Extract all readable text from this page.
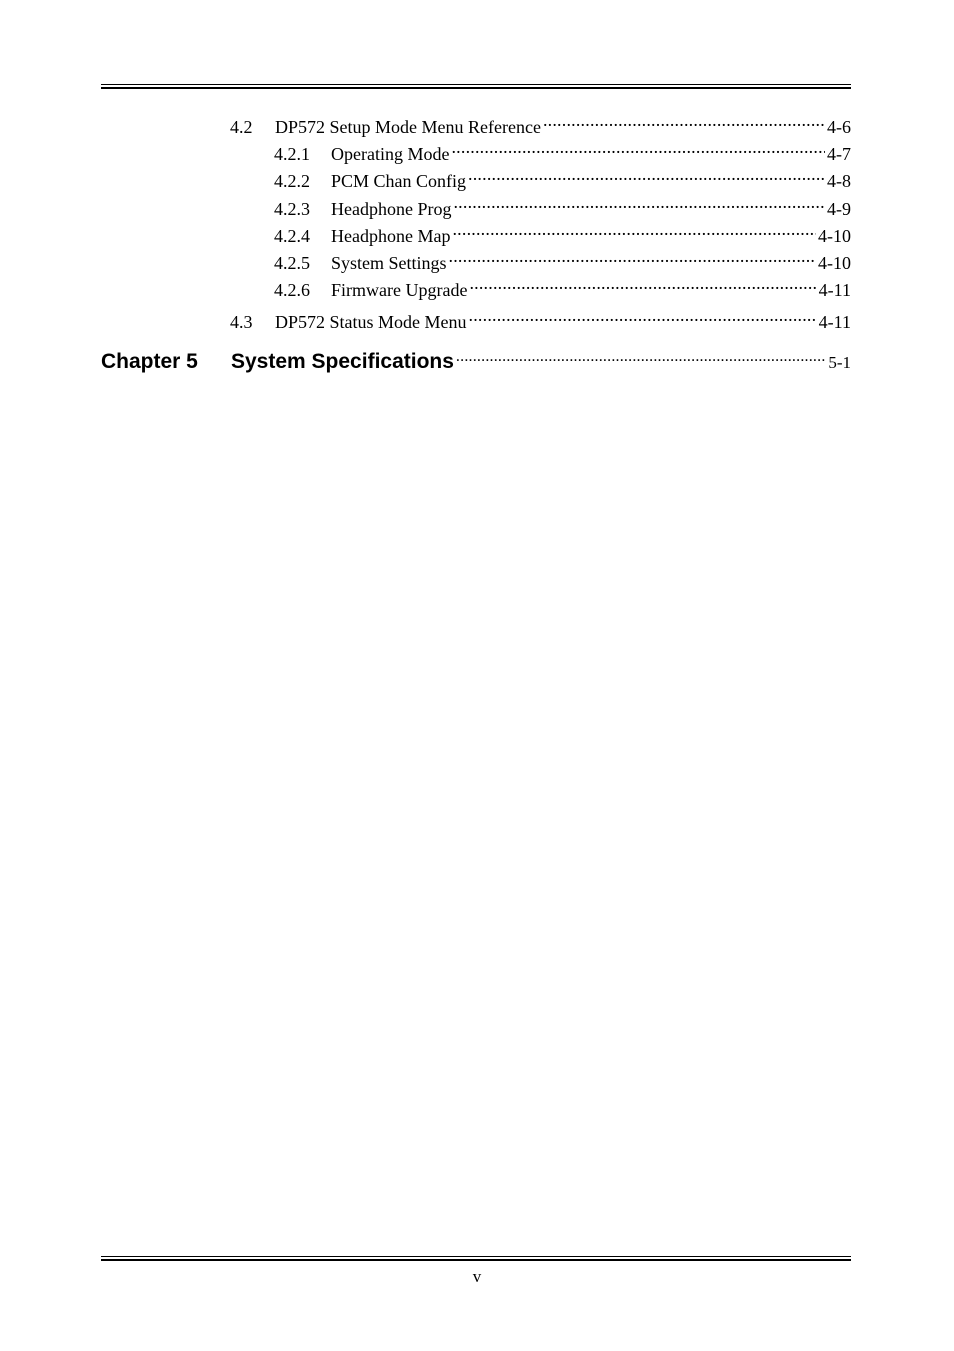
4.2	DP572 Setup Mode Menu Reference .....	4-6
4.2.1	Operating Mode .....	4-7
4.2.2	PCM Chan Config .....	4-8
4.2.3	Headphone Prog .....	4-9
4.2.4	Headphone Map .....	4-10
4.2.5	System Settings .....	4-10
4.2.6	Firmware Upgrade .....	4-11
4.3	DP572 Status Mode Menu .....	4-11
Chapter 5	System Specifications .....	5-1
v
